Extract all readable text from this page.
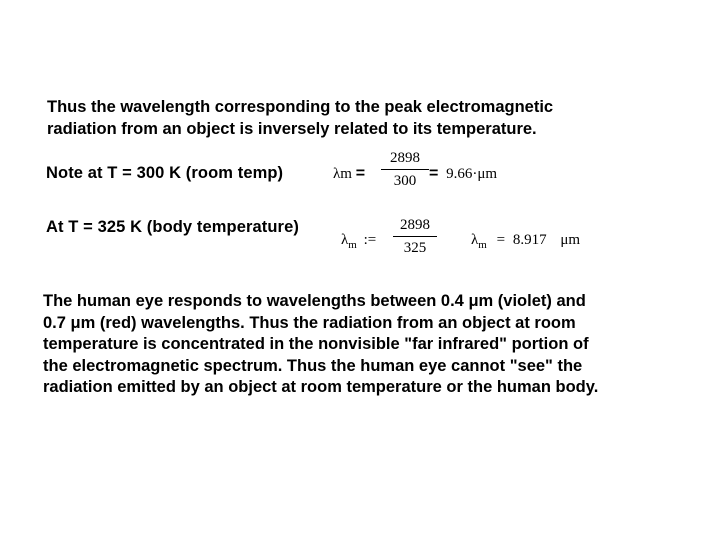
Thus the wavelength corresponding to the peak electromagnetic
radiation from an object is inversely related to its temperature.
Note at T = 300 K (room temp)	λm =
2898
300 = 9.66·μm
At T = 325 K (body temperature)
$\lambda_m$ :=
2898
325	$\lambda_m = 8.917$ μm
The human eye responds to wavelengths between 0.4 μm (violet) and
0.7 μm (red) wavelengths. Thus the radiation from an object at room
temperature is concentrated in the nonvisible "far infrared" portion of
the electromagnetic spectrum. Thus the human eye cannot "see" the
radiation emitted by an object at room temperature or the human body.
